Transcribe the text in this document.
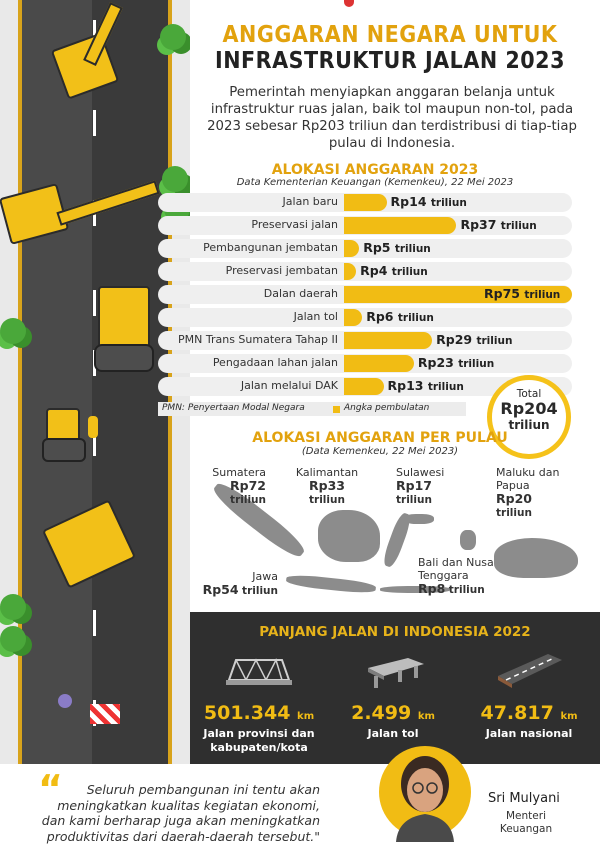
ANGGARAN NEGARA UNTUK
INFRASTRUKTUR JALAN 2023
Pemerintah menyiapkan anggaran belanja untuk infrastruktur ruas jalan, baik tol maupun non-tol, pada 2023 sebesar Rp203 triliun dan terdistribusi di tiap-tiap pulau di Indonesia.
ALOKASI ANGGARAN 2023
Data Kementerian Keuangan (Kemenkeu), 22 Mei 2023
Jalan baru	Rp14 triliun
Preservasi jalan	Rp37 triliun
Pembangunan jembatan Rp5 triliun
Preservasi jembatan Rp4 triliun
Dalan daerah	Rp75 triliun
Jalan tol Rp6 triliun
PMN Trans Sumatera Tahap II	Rp29 triliun
Pengadaan lahan jalan	Rp23 triliun
Jalan melalui DAK	Rp13 triliun
PMN: Penyertaan Modal Negara	Angka pembulatan
Total
Rp204
triliun
ALOKASI ANGGARAN PER PULAU
(Data Kemenkeu, 22 Mei 2023)
Sumatera
Rp72 triliun
Kalimantan
Rp33 triliun
Sulawesi
Rp17 triliun
Maluku dan Papua
Rp20 triliun
Jawa
Rp54 triliun
Bali dan Nusa Tenggara
Rp8 triliun
PANJANG JALAN DI INDONESIA 2022
501.344 km
Jalan provinsi dan kabupaten/kota
2.499 km
Jalan tol
47.817 km
Jalan nasional
“	Seluruh pembangunan ini tentu akan meningkatkan kualitas kegiatan ekonomi, dan kami berharap juga akan meningkatkan produktivitas dari daerah-daerah tersebut."
Sri Mulyani
Menteri Keuangan
